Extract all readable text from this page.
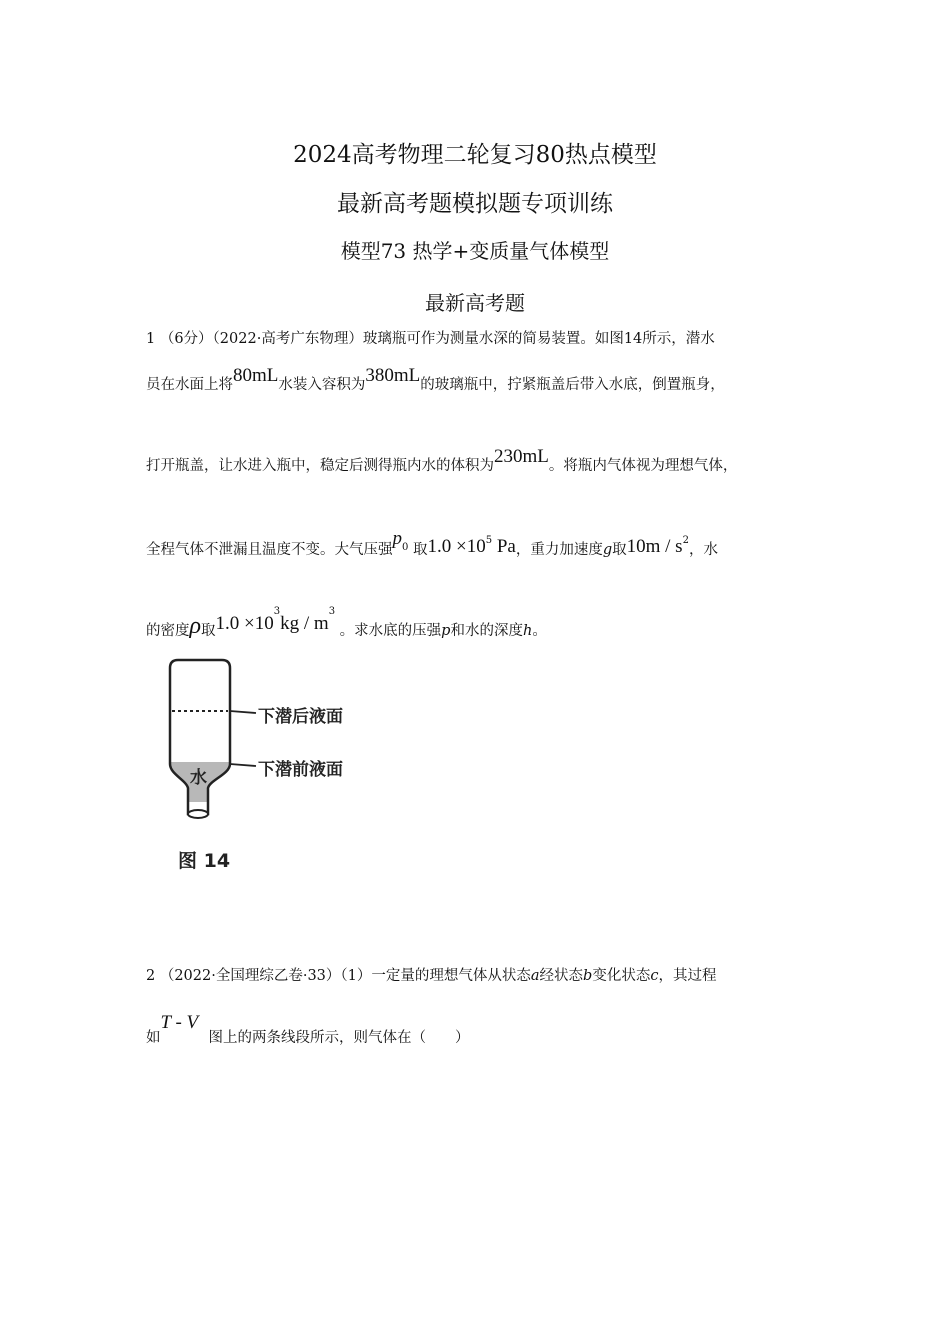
2024高考物理二轮复习80热点模型
最新高考题模拟题专项训练
模型73 热学+变质量气体模型
最新高考题
1 （6分）（2022·高考广东物理）玻璃瓶可作为测量水深的简易装置。如图14所示，潜水
员在水面上将80mL水装入容积为380mL的玻璃瓶中，拧紧瓶盖后带入水底，倒置瓶身，
打开瓶盖，让水进入瓶中，稳定后测得瓶内水的体积为230mL。将瓶内气体视为理想气体，
全程气体不泄漏且温度不变。大气压强$p_0$ 取$1.0 \times 10^5$ Pa，重力加速度g取$10m / s^2$，水
的密度ρ取$1.0 \times 10^3kg / m^3$ 。求水底的压强p和水的深度h。
水
下潜后液面
下潜前液面
图 14
2 （2022·全国理综乙卷·33）（1）一定量的理想气体从状态a经状态b变化状态c，其过程
如T - V图上的两条线段所示，则气体在（　　）
